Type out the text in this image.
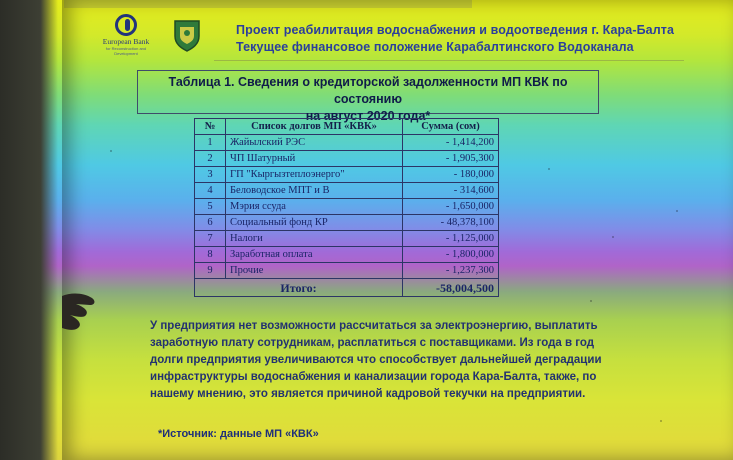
European Bank
for Reconstruction and Development
Проект реабилитация водоснабжения и водоотведения г. Кара-Балта
Текущее финансовое положение Карабалтинского Водоканала
Таблица 1. Сведения о кредиторской задолженности МП КВК по состоянию
на август 2020 года*
№	Список долгов МП «КВК»	Сумма (сом)
1	Жайылский РЭС	- 1,414,200
2	ЧП Шатурный	- 1,905,300
3	ГП "Кыргызтеплоэнерго"	- 180,000
4	Беловодское МПТ и В	- 314,600
5	Мэрия ссуда	- 1,650,000
6	Социальный фонд КР	- 48,378,100
7	Налоги	- 1,125,000
8	Заработная оплата	- 1,800,000
9	Прочие	- 1,237,300
Итого:		-58,004,500

У предприятия нет возможности рассчитаться за электроэнергию, выплатить

заработную плату сотрудникам, расплатиться с поставщиками. Из года в год

долги предприятия увеличиваются что способствует дальнейшей деградации

инфраструктуры водоснабжения и канализации города Кара-Балта, также, по

нашему мнению, это является причиной кадровой текучки на предприятии.

*Источник: данные МП «КВК»
